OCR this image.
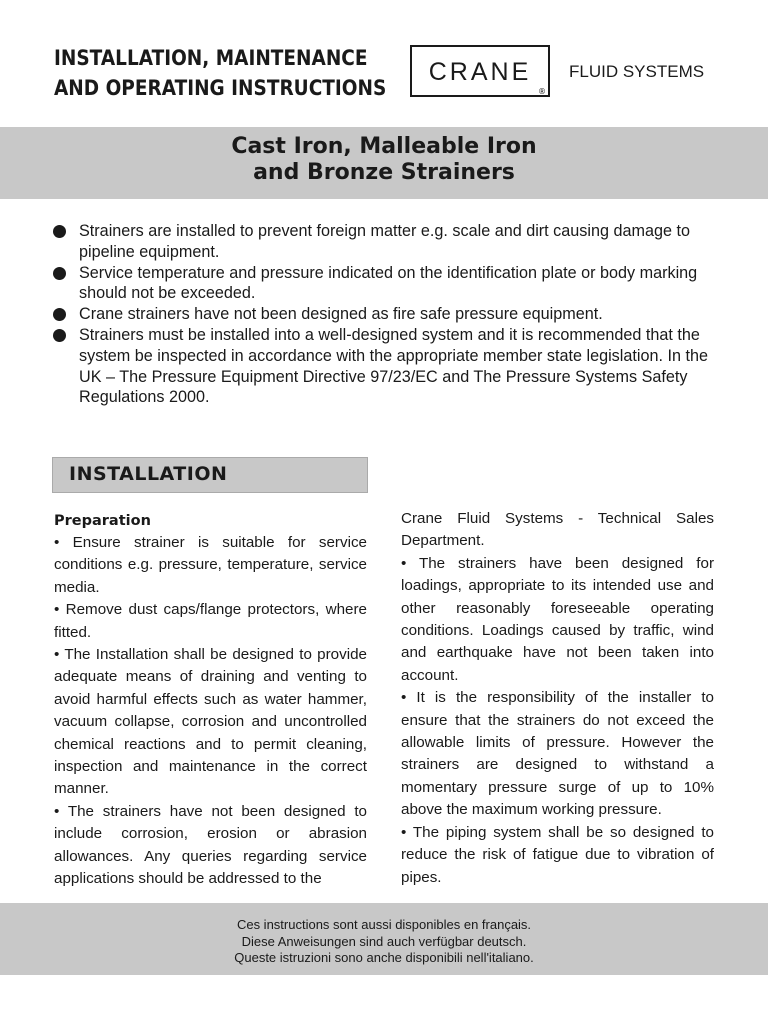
INSTALLATION, MAINTENANCE
AND OPERATING INSTRUCTIONS
CRANE
®
FLUID SYSTEMS
Cast Iron, Malleable Iron
and Bronze Strainers
Strainers are installed to prevent foreign matter e.g. scale and dirt causing damage to pipeline equipment.
Service temperature and pressure indicated on the identification plate or body marking should not be exceeded.
Crane strainers have not been designed as fire safe pressure equipment.
Strainers must be installed into a well-designed system and it is recommended that the system be inspected in accordance with the appropriate member state legislation. In the UK – The Pressure Equipment Directive 97/23/EC and The Pressure Systems Safety Regulations 2000.
INSTALLATION
Preparation

• Ensure strainer is suitable for service conditions e.g. pressure, temperature, service media.

• Remove dust caps/flange protectors, where fitted.

• The Installation shall be designed to provide adequate means of draining and venting to avoid harmful effects such as water hammer, vacuum collapse, corrosion and uncontrolled chemical reactions and to permit cleaning, inspection and maintenance in the correct manner.

• The strainers have not been designed to include corrosion, erosion or abrasion allowances. Any queries regarding service applications should be addressed to the

Crane Fluid Systems - Technical Sales Department.

• The strainers have been designed for loadings, appropriate to its intended use and other reasonably foreseeable operating conditions. Loadings caused by traffic, wind and earthquake have not been taken into account.

• It is the responsibility of the installer to ensure that the strainers do not exceed the allowable limits of pressure. However the strainers are designed to withstand a momentary pressure surge of up to 10% above the maximum working pressure.

• The piping system shall be so designed to reduce the risk of fatigue due to vibration of pipes.

Ces instructions sont aussi disponibles en français.
Diese Anweisungen sind auch verfügbar deutsch.
Queste istruzioni sono anche disponibili nell'italiano.
